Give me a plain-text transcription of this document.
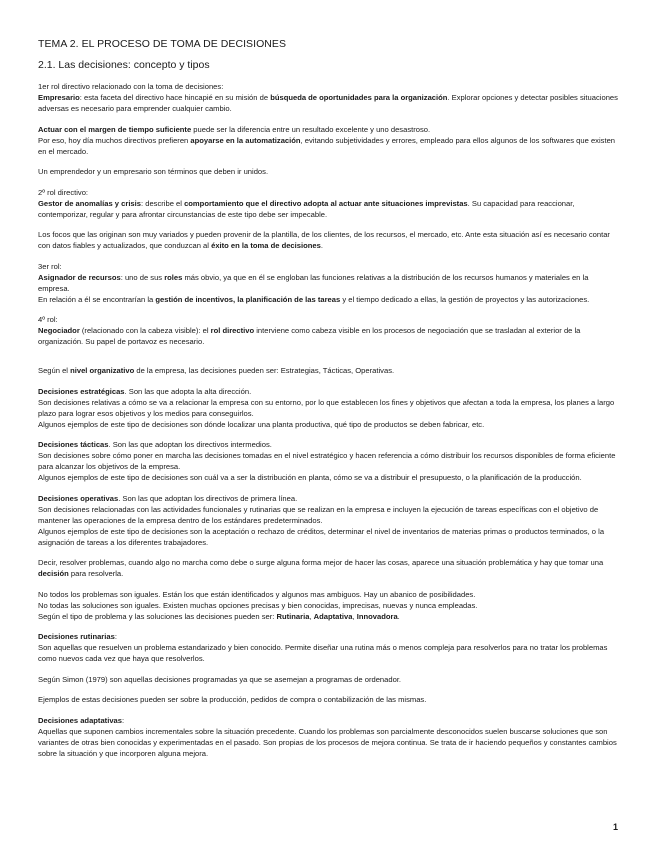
TEMA 2. EL PROCESO DE TOMA DE DECISIONES
2.1. Las decisiones: concepto y tipos

1er rol directivo relacionado con la toma de decisiones:

Empresario: esta faceta del directivo hace hincapié en su misión de búsqueda de oportunidades para la organización. Explorar opciones y detectar posibles situaciones adversas es necesario para emprender cualquier cambio.

Actuar con el margen de tiempo suficiente puede ser la diferencia entre un resultado excelente y uno desastroso.

Por eso, hoy día muchos directivos prefieren apoyarse en la automatización, evitando subjetividades y errores, empleado para ellos algunos de los softwares que existen en el mercado.

Un emprendedor y un empresario son términos que deben ir unidos.

2º rol directivo:

Gestor de anomalías y crisis: describe el comportamiento que el directivo adopta al actuar ante situaciones imprevistas. Su capacidad para reaccionar, contemporizar, regular y para afrontar circunstancias de este tipo debe ser impecable.

Los focos que las originan son muy variados y pueden provenir de la plantilla, de los clientes, de los recursos, el mercado, etc. Ante esta situación así es necesario contar con datos fiables y actualizados, que conduzcan al éxito en la toma de decisiones.

3er rol:

Asignador de recursos: uno de sus roles más obvio, ya que en él se engloban las funciones relativas a la distribución de los recursos humanos y materiales en la empresa.

En relación a él se encontrarían la gestión de incentivos, la planificación de las tareas y el tiempo dedicado a ellas, la gestión de proyectos y las autorizaciones.

4º rol:

Negociador (relacionado con la cabeza visible): el rol directivo interviene como cabeza visible en los procesos de negociación que se trasladan al exterior de la organización. Su papel de portavoz es necesario.

Según el nivel organizativo de la empresa, las decisiones pueden ser: Estrategias, Tácticas, Operativas.

Decisiones estratégicas. Son las que adopta la alta dirección.

Son decisiones relativas a cómo se va a relacionar la empresa con su entorno, por lo que establecen los fines y objetivos que afectan a toda la empresa, los planes a largo plazo para lograr esos objetivos y los medios para conseguirlos.

Algunos ejemplos de este tipo de decisiones son dónde localizar una planta productiva, qué tipo de productos se deben fabricar, etc.

Decisiones tácticas. Son las que adoptan los directivos intermedios.

Son decisiones sobre cómo poner en marcha las decisiones tomadas en el nivel estratégico y hacen referencia a cómo distribuir los recursos disponibles de forma eficiente para alcanzar los objetivos de la empresa.

Algunos ejemplos de este tipo de decisiones son cuál va a ser la distribución en planta, cómo se va a distribuir el presupuesto, o la planificación de la producción.

Decisiones operativas. Son las que adoptan los directivos de primera línea.

Son decisiones relacionadas con las actividades funcionales y rutinarias que se realizan en la empresa e incluyen la ejecución de tareas específicas con el objetivo de mantener las operaciones de la empresa dentro de los estándares predeterminados.

Algunos ejemplos de este tipo de decisiones son la aceptación o rechazo de créditos, determinar el nivel de inventarios de materias primas o productos terminados, o la asignación de tareas a los diferentes trabajadores.

Decir, resolver problemas, cuando algo no marcha como debe o surge alguna forma mejor de hacer las cosas, aparece una situación problemática y hay que tomar una decisión para resolverla.

No todos los problemas son iguales. Están los que están identificados y algunos mas ambiguos. Hay un abanico de posibilidades.

No todas las soluciones son iguales. Existen muchas opciones precisas y bien conocidas, imprecisas, nuevas y nunca empleadas.

Según el tipo de problema y las soluciones las decisiones pueden ser: Rutinaria, Adaptativa, Innovadora.

Decisiones rutinarias:

Son aquellas que resuelven un problema estandarizado y bien conocido. Permite diseñar una rutina más o menos compleja para resolverlos para no tratar los problemas como nuevos cada vez que haya que resolverlos.

Según Simon (1979) son aquellas decisiones programadas ya que se asemejan a programas de ordenador.

Ejemplos de estas decisiones pueden ser sobre la producción, pedidos de compra o contabilización de las mismas.

Decisiones adaptativas:

Aquellas que suponen cambios incrementales sobre la situación precedente. Cuando los problemas son parcialmente desconocidos suelen buscarse soluciones que son variantes de otras bien conocidas y experimentadas en el pasado. Son propias de los procesos de mejora continua. Se trata de ir haciendo pequeños y constantes cambios sobre la situación y que incorporen alguna mejora.

1
